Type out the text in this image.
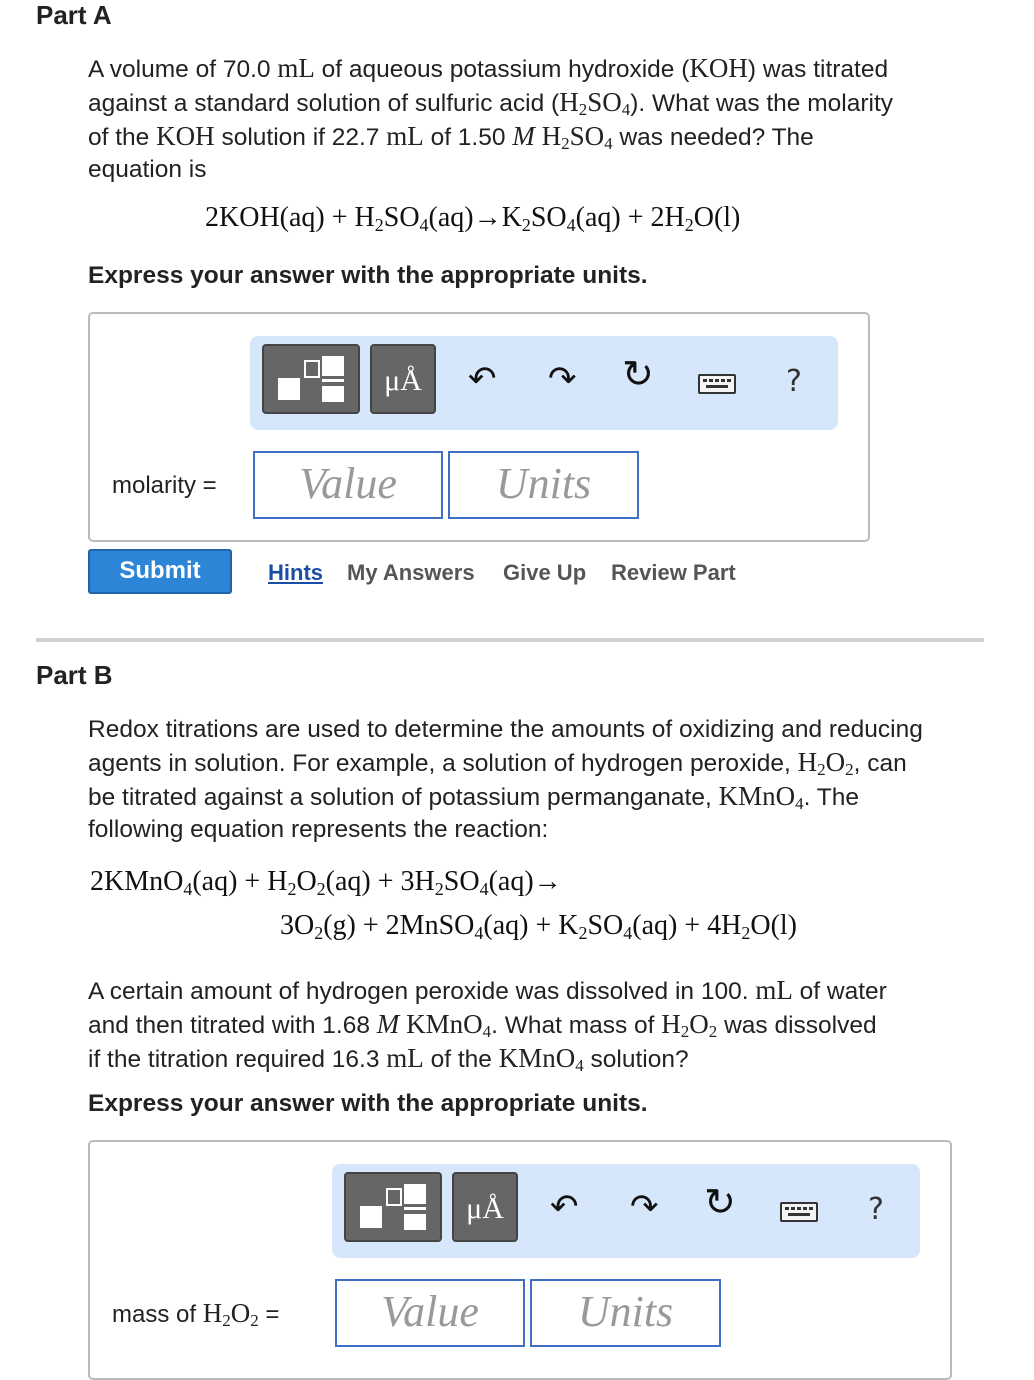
Part A
A volume of 70.0 mL of aqueous potassium hydroxide (KOH) was titrated
against a standard solution of sulfuric acid $(H_2SO_4)$. What was the molarity
of the KOH solution if 22.7 mL of 1.50 M $H_2SO_4$ was needed? The
equation is
$2KOH(aq) + H_2SO_4(aq)\to K_2SO_4(aq) + 2H_2O(l)$
Express your answer with the appropriate units.
μÅ	↶ ↷ ↻	?
molarity =	Value	Units
Submit	Hints My Answers Give Up Review Part
Part B
Redox titrations are used to determine the amounts of oxidizing and reducing
agents in solution. For example, a solution of hydrogen peroxide, $H_2O_2$, can
be titrated against a solution of potassium permanganate, KMnO$_4$. The
following equation represents the reaction:
2KMnO$_4$(aq) + $H_2O_2(aq) + 3H_2SO_4(aq)\to$
$3O_2(g)$ + 2MnSO$_4$(aq) + $K_2SO_4(aq) + 4H_2O(l)$
A certain amount of hydrogen peroxide was dissolved in 100. mL of water
and then titrated with 1.68 M KMnO$_4$. What mass of $H_2O_2$ was dissolved
if the titration required 16.3 mL of the KMnO$_4$ solution?
Express your answer with the appropriate units.
μÅ	↶ ↷ ↻	?
mass of $H_2O_2$ =	Value	Units
